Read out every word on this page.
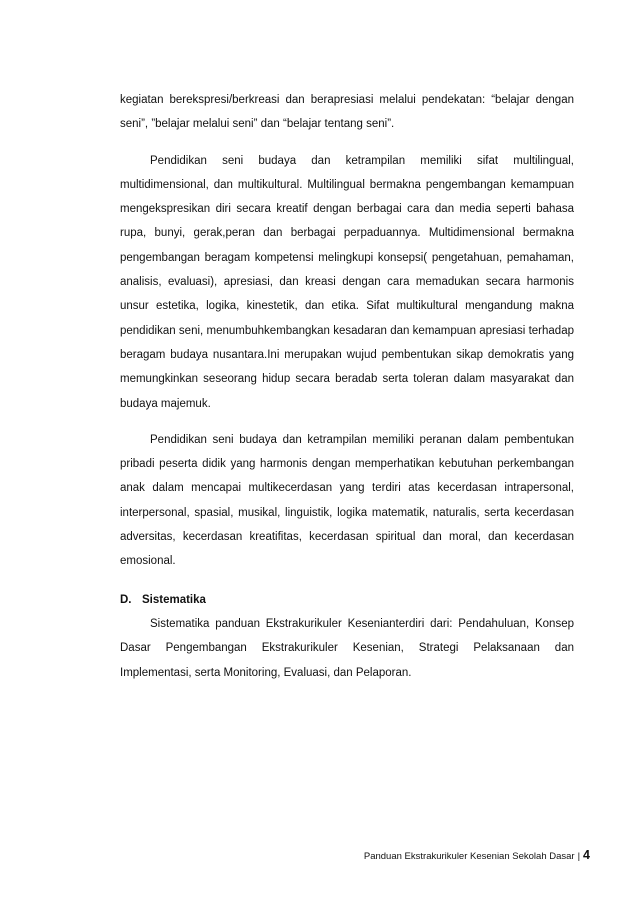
kegiatan berekspresi/berkreasi dan berapresiasi melalui pendekatan: “belajar dengan seni”, ”belajar melalui seni” dan “belajar tentang seni”.

Pendidikan seni budaya dan ketrampilan memiliki sifat multilingual, multidimensional, dan multikultural. Multilingual bermakna pengembangan kemampuan mengekspresikan diri secara kreatif dengan berbagai cara dan media seperti bahasa rupa, bunyi, gerak,peran dan berbagai perpaduannya. Multidimensional bermakna pengembangan beragam kompetensi melingkupi konsepsi( pengetahuan, pemahaman, analisis, evaluasi), apresiasi, dan kreasi dengan cara memadukan secara harmonis unsur estetika, logika, kinestetik, dan etika. Sifat multikultural mengandung makna pendidikan seni, menumbuhkembangkan kesadaran dan kemampuan apresiasi terhadap beragam budaya nusantara.Ini merupakan wujud pembentukan sikap demokratis yang memungkinkan seseorang hidup secara beradab serta toleran dalam masyarakat dan budaya majemuk.

Pendidikan seni budaya dan ketrampilan memiliki peranan dalam pembentukan pribadi peserta didik yang harmonis dengan memperhatikan kebutuhan perkembangan anak dalam mencapai multikecerdasan yang terdiri atas kecerdasan intrapersonal, interpersonal, spasial, musikal, linguistik, logika matematik, naturalis, serta kecerdasan adversitas, kecerdasan kreatifitas, kecerdasan spiritual dan moral, dan kecerdasan emosional.

D. Sistematika

Sistematika panduan Ekstrakurikuler Kesenianterdiri dari: Pendahuluan, Konsep Dasar Pengembangan Ekstrakurikuler Kesenian, Strategi Pelaksanaan dan Implementasi, serta Monitoring, Evaluasi, dan Pelaporan.

Panduan Ekstrakurikuler Kesenian Sekolah Dasar | 4
